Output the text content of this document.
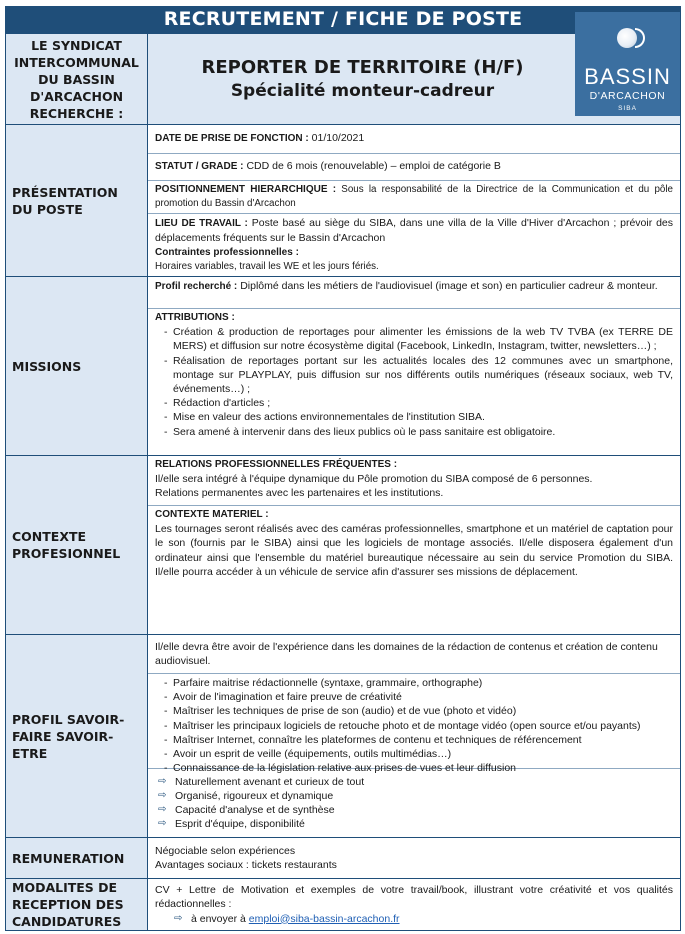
RECRUTEMENT / FICHE DE POSTE
BASSIN
D'ARCACHON
SIBA
LE SYNDICAT INTERCOMMUNAL DU BASSIN D'ARCACHON RECHERCHE :
PRÉSENTATION DU POSTE
MISSIONS
CONTEXTE PROFESIONNEL
PROFIL SAVOIR-FAIRE SAVOIR-ETRE
REMUNERATION
MODALITES DE RECEPTION DES CANDIDATURES
REPORTER DE TERRITOIRE (H/F)
Spécialité monteur-cadreur
DATE DE PRISE DE FONCTION : 01/10/2021
STATUT / GRADE : CDD de 6 mois (renouvelable) – emploi de catégorie B
POSITIONNEMENT HIERARCHIQUE : Sous la responsabilité de la Directrice de la Communication et du pôle promotion du Bassin d'Arcachon
LIEU DE TRAVAIL : Poste basé au siège du SIBA, dans une villa de la Ville d'Hiver d'Arcachon ; prévoir des déplacements fréquents sur le Bassin d'Arcachon
Contraintes professionnelles :
Horaires variables, travail les WE et les jours fériés.
Profil recherché : Diplômé dans les métiers de l'audiovisuel (image et son) en particulier cadreur & monteur.
ATTRIBUTIONS :
- Création & production de reportages pour alimenter les émissions de la web TV TVBA (ex TERRE DE MERS) et diffusion sur notre écosystème digital (Facebook, LinkedIn, Instagram, twitter, newsletters…) ;
- Réalisation de reportages portant sur les actualités locales des 12 communes avec un smartphone, montage sur PLAYPLAY, puis diffusion sur nos différents outils numériques (réseaux sociaux, web TV, événements…) ;
- Rédaction d'articles ;
- Mise en valeur des actions environnementales de l'institution SIBA.
- Sera amené à intervenir dans des lieux publics où le pass sanitaire est obligatoire.
RELATIONS PROFESSIONNELLES FRÉQUENTES :
Il/elle sera intégré à l'équipe dynamique du Pôle promotion du SIBA composé de 6 personnes.
Relations permanentes avec les partenaires et les institutions.
CONTEXTE MATERIEL :
Les tournages seront réalisés avec des caméras professionnelles, smartphone et un matériel de captation pour le son (fournis par le SIBA) ainsi que les logiciels de montage associés. Il/elle disposera également d'un ordinateur ainsi que l'ensemble du matériel bureautique nécessaire au sein du service Promotion du SIBA. Il/elle pourra accéder à un véhicule de service afin d'assurer ses missions de déplacement.
Il/elle devra être avoir de l'expérience dans les domaines de la rédaction de contenus et création de contenu audiovisuel.
- Parfaire maitrise rédactionnelle (syntaxe, grammaire, orthographe)
- Avoir de l'imagination et faire preuve de créativité
- Maîtriser les techniques de prise de son (audio) et de vue (photo et vidéo)
- Maîtriser les principaux logiciels de retouche photo et de montage vidéo (open source et/ou payants)
- Maîtriser Internet, connaître les plateformes de contenu et techniques de référencement
- Avoir un esprit de veille (équipements, outils multimédias…)
- Connaissance de la législation relative aux prises de vues et leur diffusion
⇨ Naturellement avenant et curieux de tout
⇨ Organisé, rigoureux et dynamique
⇨ Capacité d'analyse et de synthèse
⇨ Esprit d'équipe, disponibilité
Négociable selon expériences
Avantages sociaux : tickets restaurants
CV + Lettre de Motivation et exemples de votre travail/book, illustrant votre créativité et vos qualités rédactionnelles :
⇨ à envoyer à emploi@siba-bassin-arcachon.fr
